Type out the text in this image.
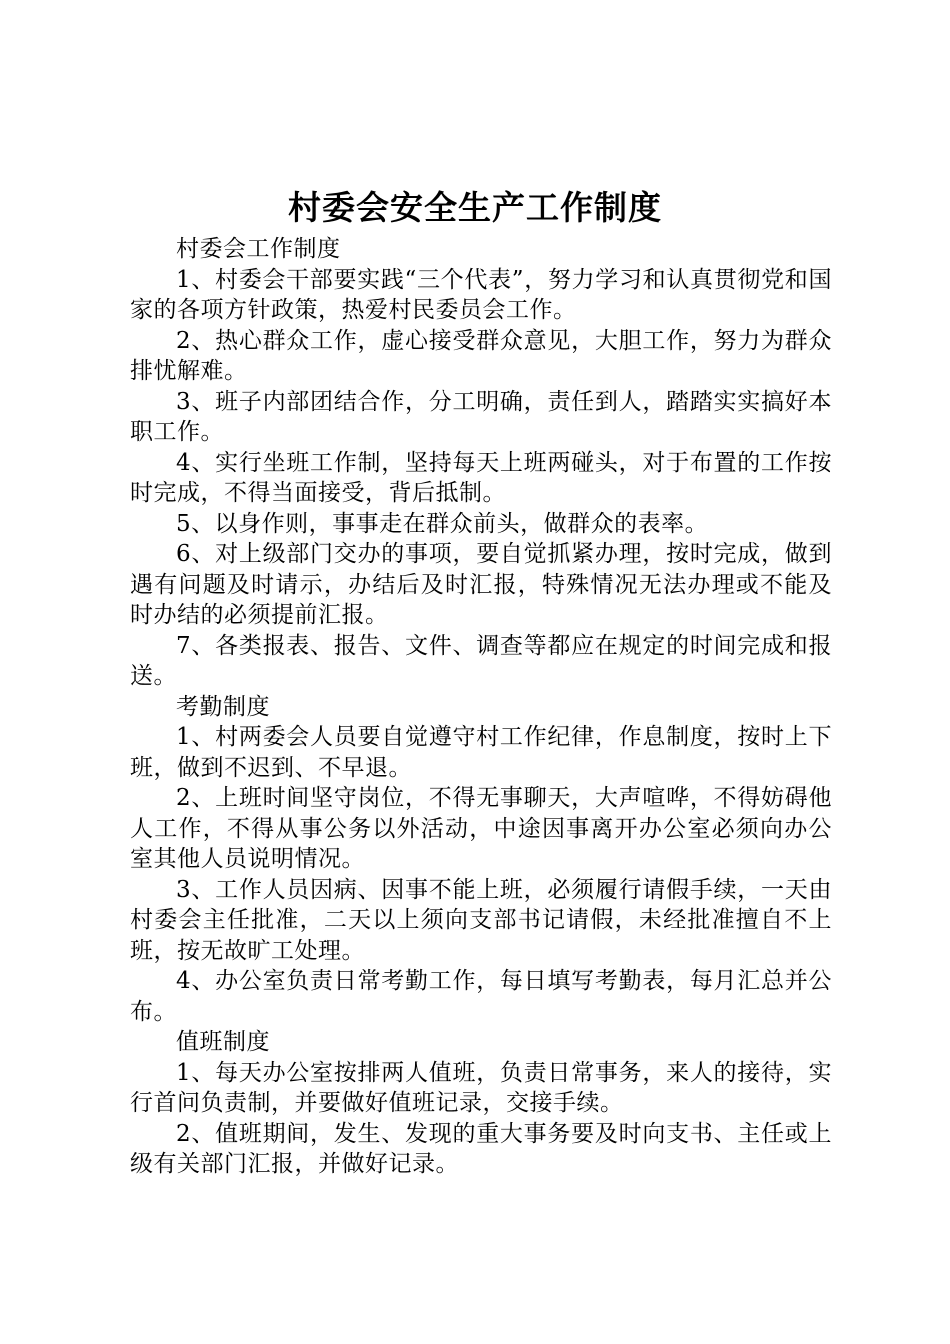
村委会安全生产工作制度

村委会工作制度

1、村委会干部要实践“三个代表”，努力学习和认真贯彻党和国家的各项方针政策，热爱村民委员会工作。

2、热心群众工作，虚心接受群众意见，大胆工作，努力为群众排忧解难。

3、班子内部团结合作，分工明确，责任到人，踏踏实实搞好本职工作。

4、实行坐班工作制，坚持每天上班两碰头，对于布置的工作按时完成，不得当面接受，背后抵制。

5、以身作则，事事走在群众前头，做群众的表率。

6、对上级部门交办的事项，要自觉抓紧办理，按时完成，做到遇有问题及时请示，办结后及时汇报，特殊情况无法办理或不能及时办结的必须提前汇报。

7、各类报表、报告、文件、调查等都应在规定的时间完成和报送。

考勤制度

1、村两委会人员要自觉遵守村工作纪律，作息制度，按时上下班，做到不迟到、不早退。

2、上班时间坚守岗位，不得无事聊天，大声喧哗，不得妨碍他人工作，不得从事公务以外活动，中途因事离开办公室必须向办公室其他人员说明情况。

3、工作人员因病、因事不能上班，必须履行请假手续，一天由村委会主任批准，二天以上须向支部书记请假，未经批准擅自不上班，按无故旷工处理。

4、办公室负责日常考勤工作，每日填写考勤表，每月汇总并公布。

值班制度

1、每天办公室按排两人值班，负责日常事务，来人的接待，实行首问负责制，并要做好值班记录，交接手续。

2、值班期间，发生、发现的重大事务要及时向支书、主任或上级有关部门汇报，并做好记录。
